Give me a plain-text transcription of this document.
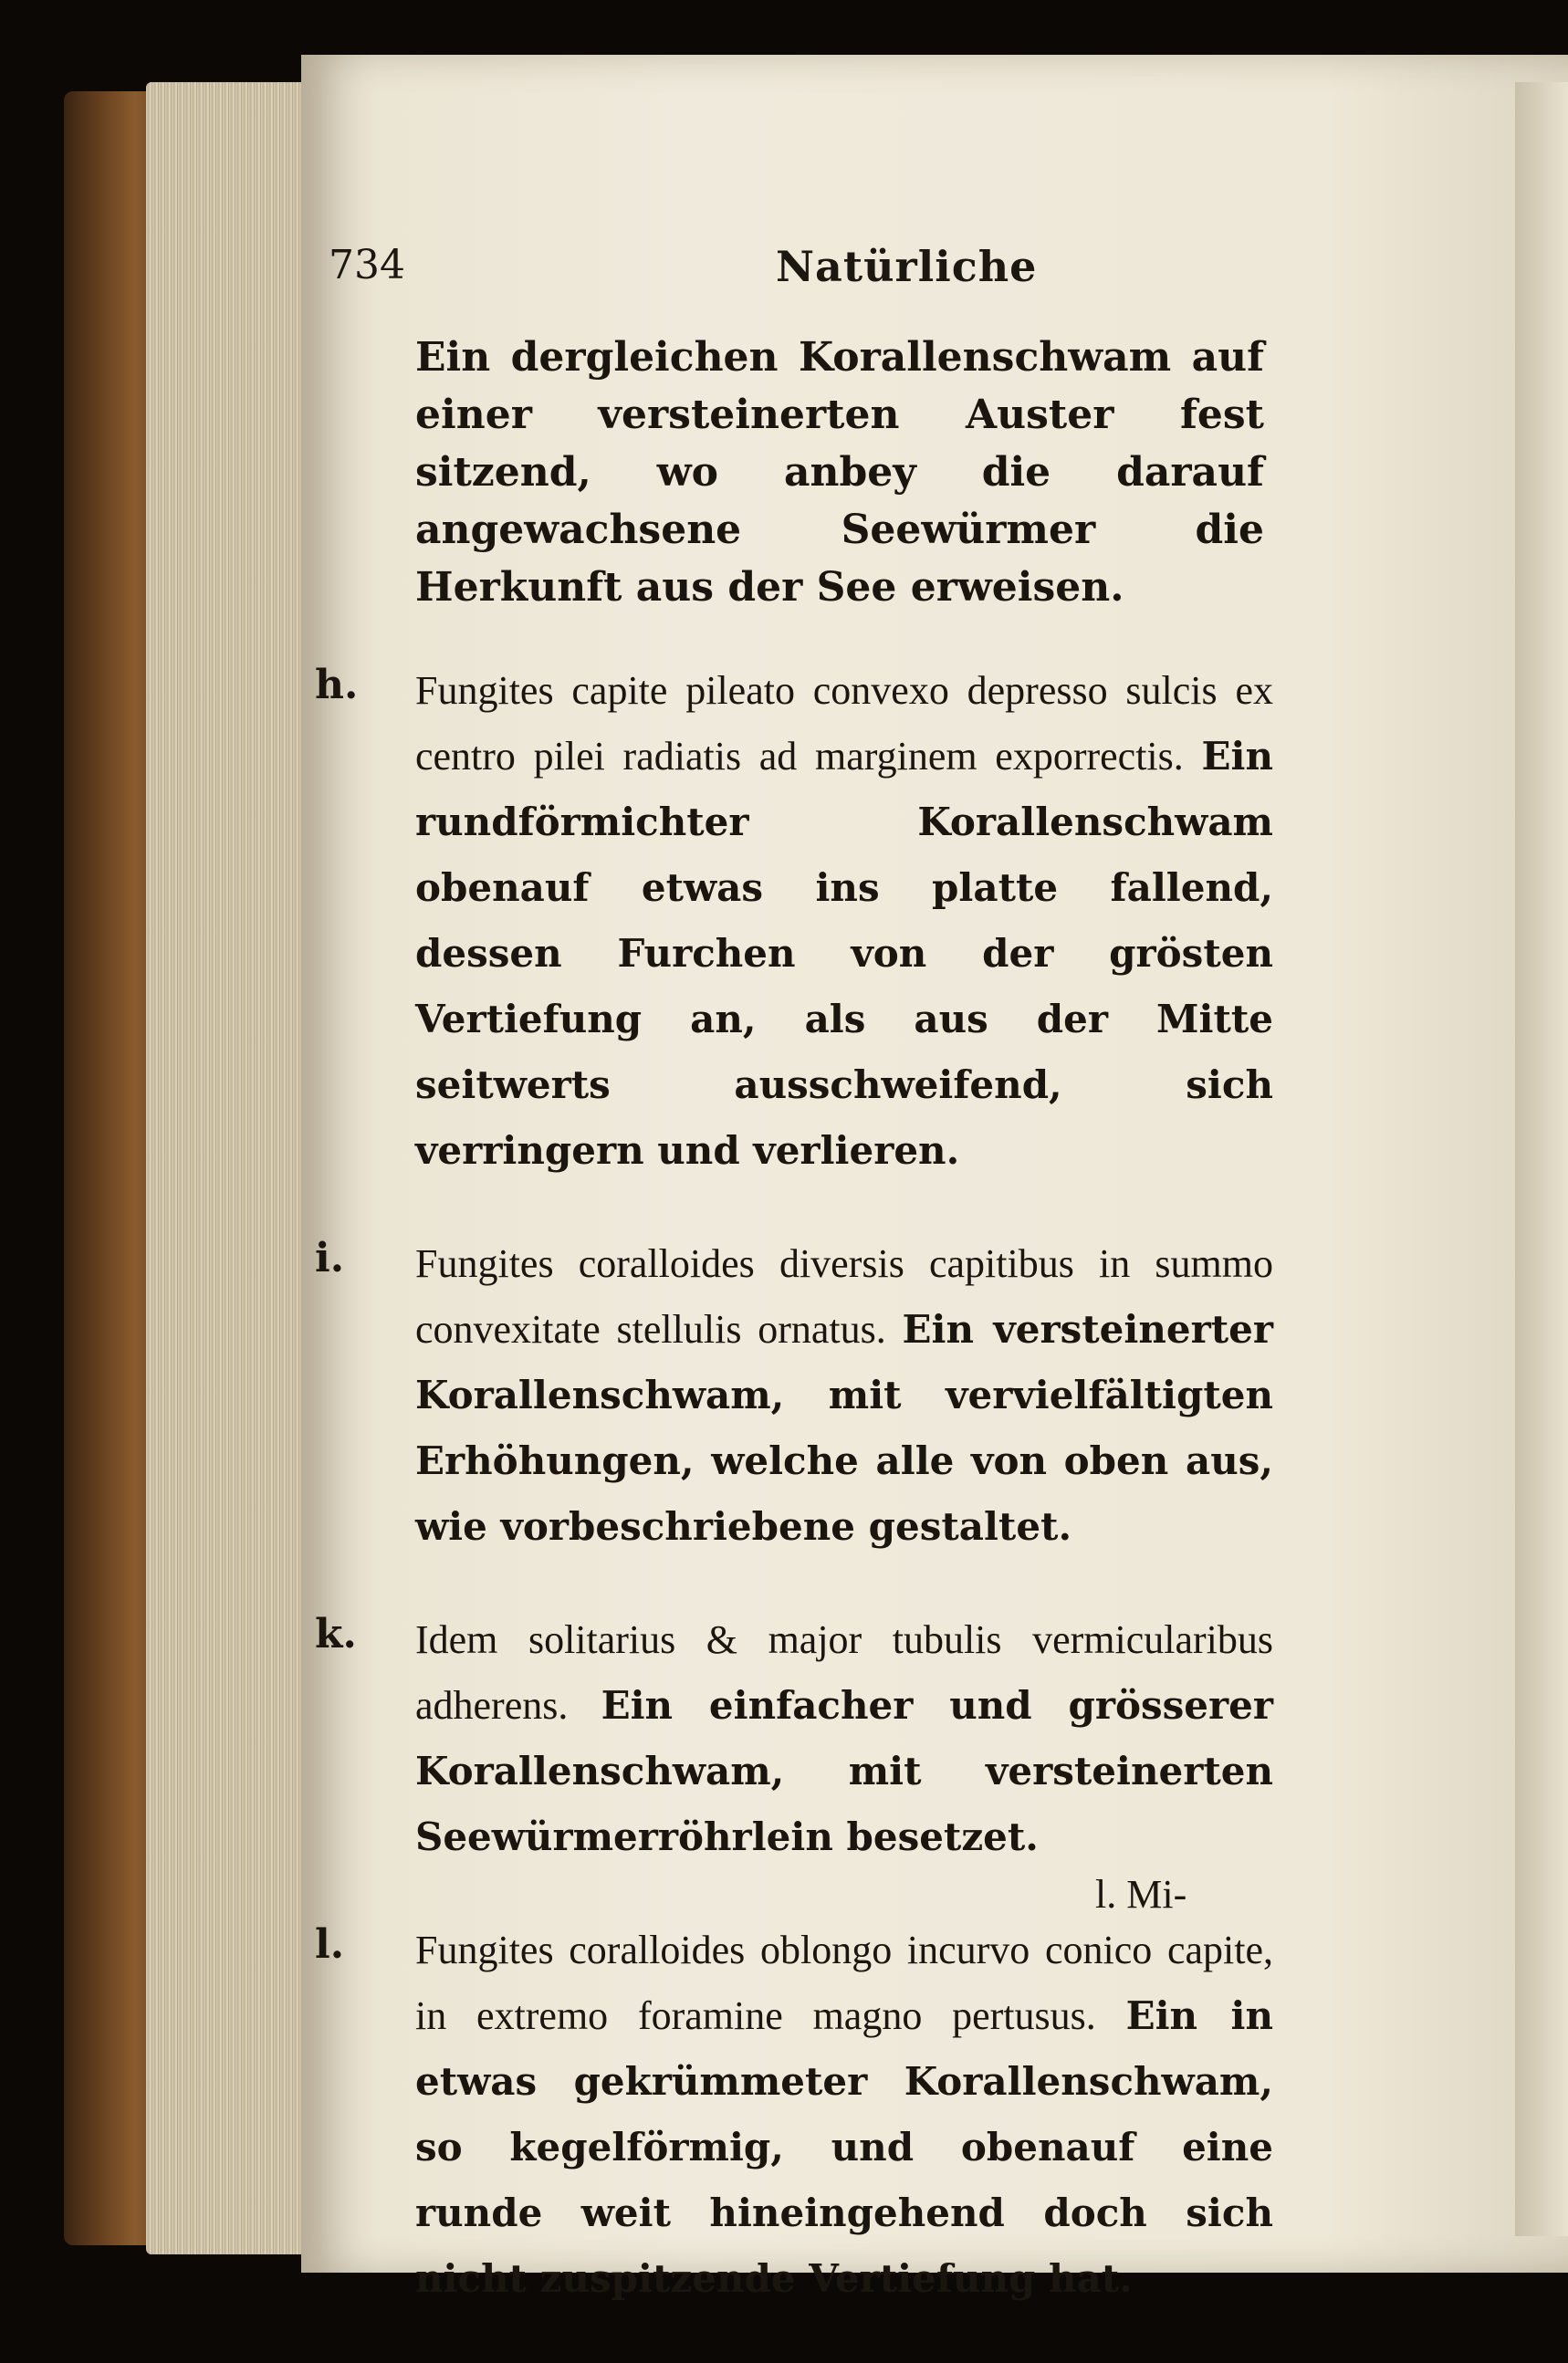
734	Natürliche

Ein dergleichen Korallenschwam auf einer versteinerten Auster fest sitzend, wo anbey die darauf angewachsene Seewürmer die Herkunft aus der See erweisen.

h.	Fungites capite pileato convexo depresso sulcis ex centro pilei radiatis ad marginem exporrectis. Ein rundförmichter Korallenschwam obenauf etwas ins platte fallend, dessen Furchen von der grösten Vertiefung an, als aus der Mitte seitwerts ausschweifend, sich verringern und verlieren.
i.	Fungites coralloides diversis capitibus in summo convexitate stellulis ornatus. Ein versteinerter Korallenschwam, mit vervielfältigten Erhöhungen, welche alle von oben aus, wie vorbeschriebene gestaltet.
k.	Idem solitarius & major tubulis vermicularibus adherens. Ein einfacher und grösserer Korallenschwam, mit versteinerten Seewürmerröhrlein besetzet.
l.	Fungites coralloides oblongo incurvo conico capite, in extremo foramine magno pertusus. Ein in etwas gekrümmeter Korallenschwam, so kegelförmig, und obenauf eine runde weit hineingehend doch sich nicht zuspitzende Vertiefung hat.
l. Mi-
